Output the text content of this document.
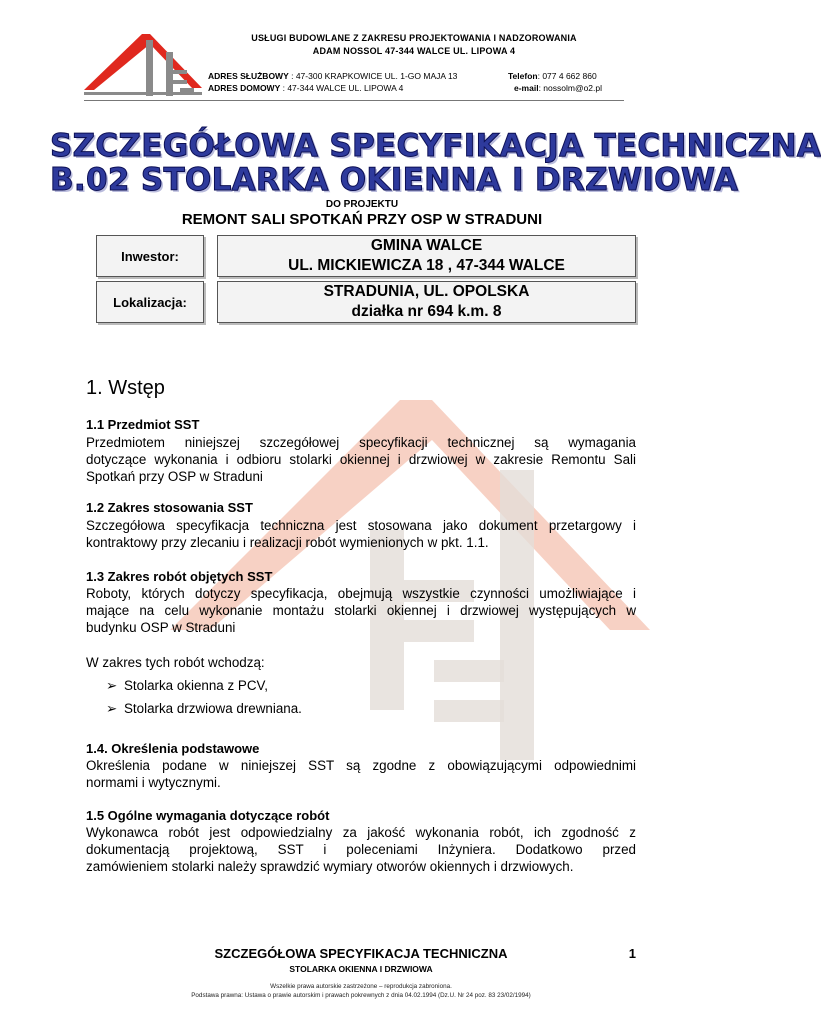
USŁUGI BUDOWLANE Z ZAKRESU PROJEKTOWANIA I NADZOROWANIA
ADAM NOSSOL 47-344 WALCE UL. LIPOWA 4
ADRES SŁUŻBOWY : 47-300 KRAPKOWICE UL. 1-GO MAJA 13	Telefon: 077 4 662 860
ADRES DOMOWY : 47-344 WALCE UL. LIPOWA 4	e-mail: nossolm@o2.pl
SZCZEGÓŁOWA SPECYFIKACJA TECHNICZNA
B.02 STOLARKA OKIENNA I DRZWIOWA
DO PROJEKTU
REMONT SALI SPOTKAŃ PRZY OSP W STRADUNI
Inwestor:
GMINA WALCE
UL. MICKIEWICZA 18 , 47-344 WALCE
Lokalizacja:
STRADUNIA, UL. OPOLSKA
działka nr 694 k.m. 8
1. Wstęp
1.1 Przedmiot SST
Przedmiotem niniejszej szczegółowej specyfikacji technicznej są wymagania
dotyczące wykonania i odbioru stolarki okiennej i drzwiowej w zakresie Remontu Sali
Spotkań przy OSP w Straduni
1.2 Zakres stosowania SST
Szczegółowa specyfikacja techniczna jest stosowana jako dokument przetargowy i
kontraktowy przy zlecaniu i realizacji robót wymienionych w pkt. 1.1.
1.3 Zakres robót objętych SST
Roboty, których dotyczy specyfikacja, obejmują wszystkie czynności umożliwiające i
mające na celu wykonanie montażu stolarki okiennej i drzwiowej występujących w
budynku OSP w Straduni
W zakres tych robót wchodzą:
➢ Stolarka okienna z PCV,
➢ Stolarka drzwiowa drewniana.
1.4. Określenia podstawowe
Określenia podane w niniejszej SST są zgodne z obowiązującymi odpowiednimi
normami i wytycznymi.
1.5 Ogólne wymagania dotyczące robót
Wykonawca robót jest odpowiedzialny za jakość wykonania robót, ich zgodność z
dokumentacją projektową, SST i poleceniami Inżyniera. Dodatkowo przed
zamówieniem stolarki należy sprawdzić wymiary otworów okiennych i drzwiowych.
SZCZEGÓŁOWA SPECYFIKACJA TECHNICZNA	1
STOLARKA OKIENNA I DRZWIOWA
Wszelkie prawa autorskie zastrzeżone – reprodukcja zabroniona.
Podstawa prawna: Ustawa o prawie autorskim i prawach pokrewnych z dnia 04.02.1994 (Dz.U. Nr 24 poz. 83 23/02/1994)
